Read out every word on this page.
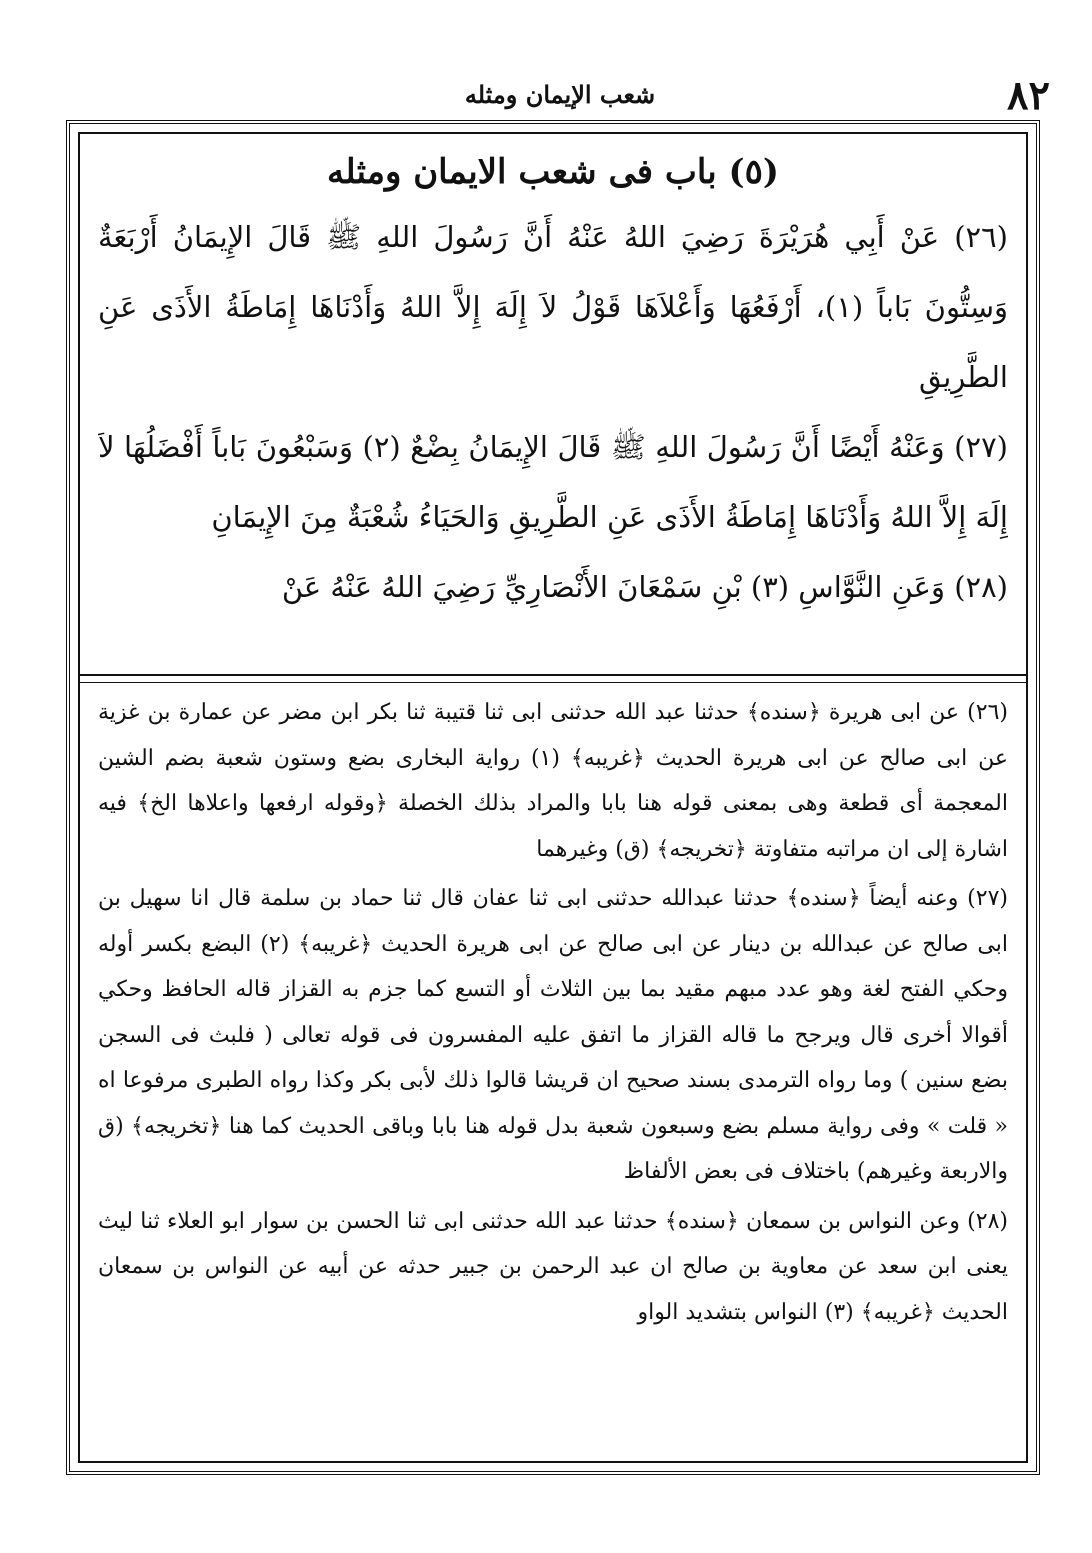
٨٢
شعب الإيمان ومثله
(٥) باب فى شعب الايمان ومثله

(٢٦) عَنْ أَبِي هُرَيْرَةَ رَضِيَ اللهُ عَنْهُ أَنَّ رَسُولَ اللهِ ﷺ قَالَ الإِيمَانُ أَرْبَعَةٌ وَسِتُّونَ بَاباً (١)، أَرْفَعُهَا وَأَعْلاَهَا قَوْلُ لاَ إِلَهَ إِلاَّ اللهُ وَأَدْنَاهَا إِمَاطَةُ الأَذَى عَنِ الطَّرِيقِ

(٢٧) وَعَنْهُ أَيْضًا أَنَّ رَسُولَ اللهِ ﷺ قَالَ الإِيمَانُ بِضْعٌ (٢) وَسَبْعُونَ بَاباً أَفْضَلُهَا لاَ إِلَهَ إِلاَّ اللهُ وَأَدْنَاهَا إِمَاطَةُ الأَذَى عَنِ الطَّرِيقِ وَالحَيَاءُ شُعْبَةٌ مِنَ الإِيمَانِ

(٢٨) وَعَنِ النَّوَّاسِ (٣) بْنِ سَمْعَانَ الأَنْصَارِيِّ رَضِيَ اللهُ عَنْهُ عَنْ

(٢٦) عن ابى هريرة ﴿سنده﴾ حدثنا عبد الله حدثنى ابى ثنا قتيبة ثنا بكر ابن مضر عن عمارة بن غزية عن ابى صالح عن ابى هريرة الحديث ﴿غريبه﴾ (١) رواية البخارى بضع وستون شعبة بضم الشين المعجمة أى قطعة وهى بمعنى قوله هنا بابا والمراد بذلك الخصلة ﴿وقوله ارفعها واعلاها الخ﴾ فيه اشارة إلى ان مراتبه متفاوتة ﴿تخريجه﴾ (ق) وغيرهما

(٢٧) وعنه أيضاً ﴿سنده﴾ حدثنا عبدالله حدثنى ابى ثنا عفان قال ثنا حماد بن سلمة قال انا سهيل بن ابى صالح عن عبدالله بن دينار عن ابى صالح عن ابى هريرة الحديث ﴿غريبه﴾ (٢) البضع بكسر أوله وحكي الفتح لغة وهو عدد مبهم مقيد بما بين الثلاث أو التسع كما جزم به القزاز قاله الحافظ وحكي أقوالا أخرى قال ويرجح ما قاله القزاز ما اتفق عليه المفسرون فى قوله تعالى ( فلبث فى السجن بضع سنين ) وما رواه الترمدى بسند صحيح ان قريشا قالوا ذلك لأبى بكر وكذا رواه الطبرى مرفوعا اه « قلت » وفى رواية مسلم بضع وسبعون شعبة بدل قوله هنا بابا وباقى الحديث كما هنا ﴿تخريجه﴾ (ق والاربعة وغيرهم) باختلاف فى بعض الألفاظ

(٢٨) وعن النواس بن سمعان ﴿سنده﴾ حدثنا عبد الله حدثنى ابى ثنا الحسن بن سوار ابو العلاء ثنا ليث يعنى ابن سعد عن معاوية بن صالح ان عبد الرحمن بن جبير حدثه عن أبيه عن النواس بن سمعان الحديث ﴿غريبه﴾ (٣) النواس بتشديد الواو
